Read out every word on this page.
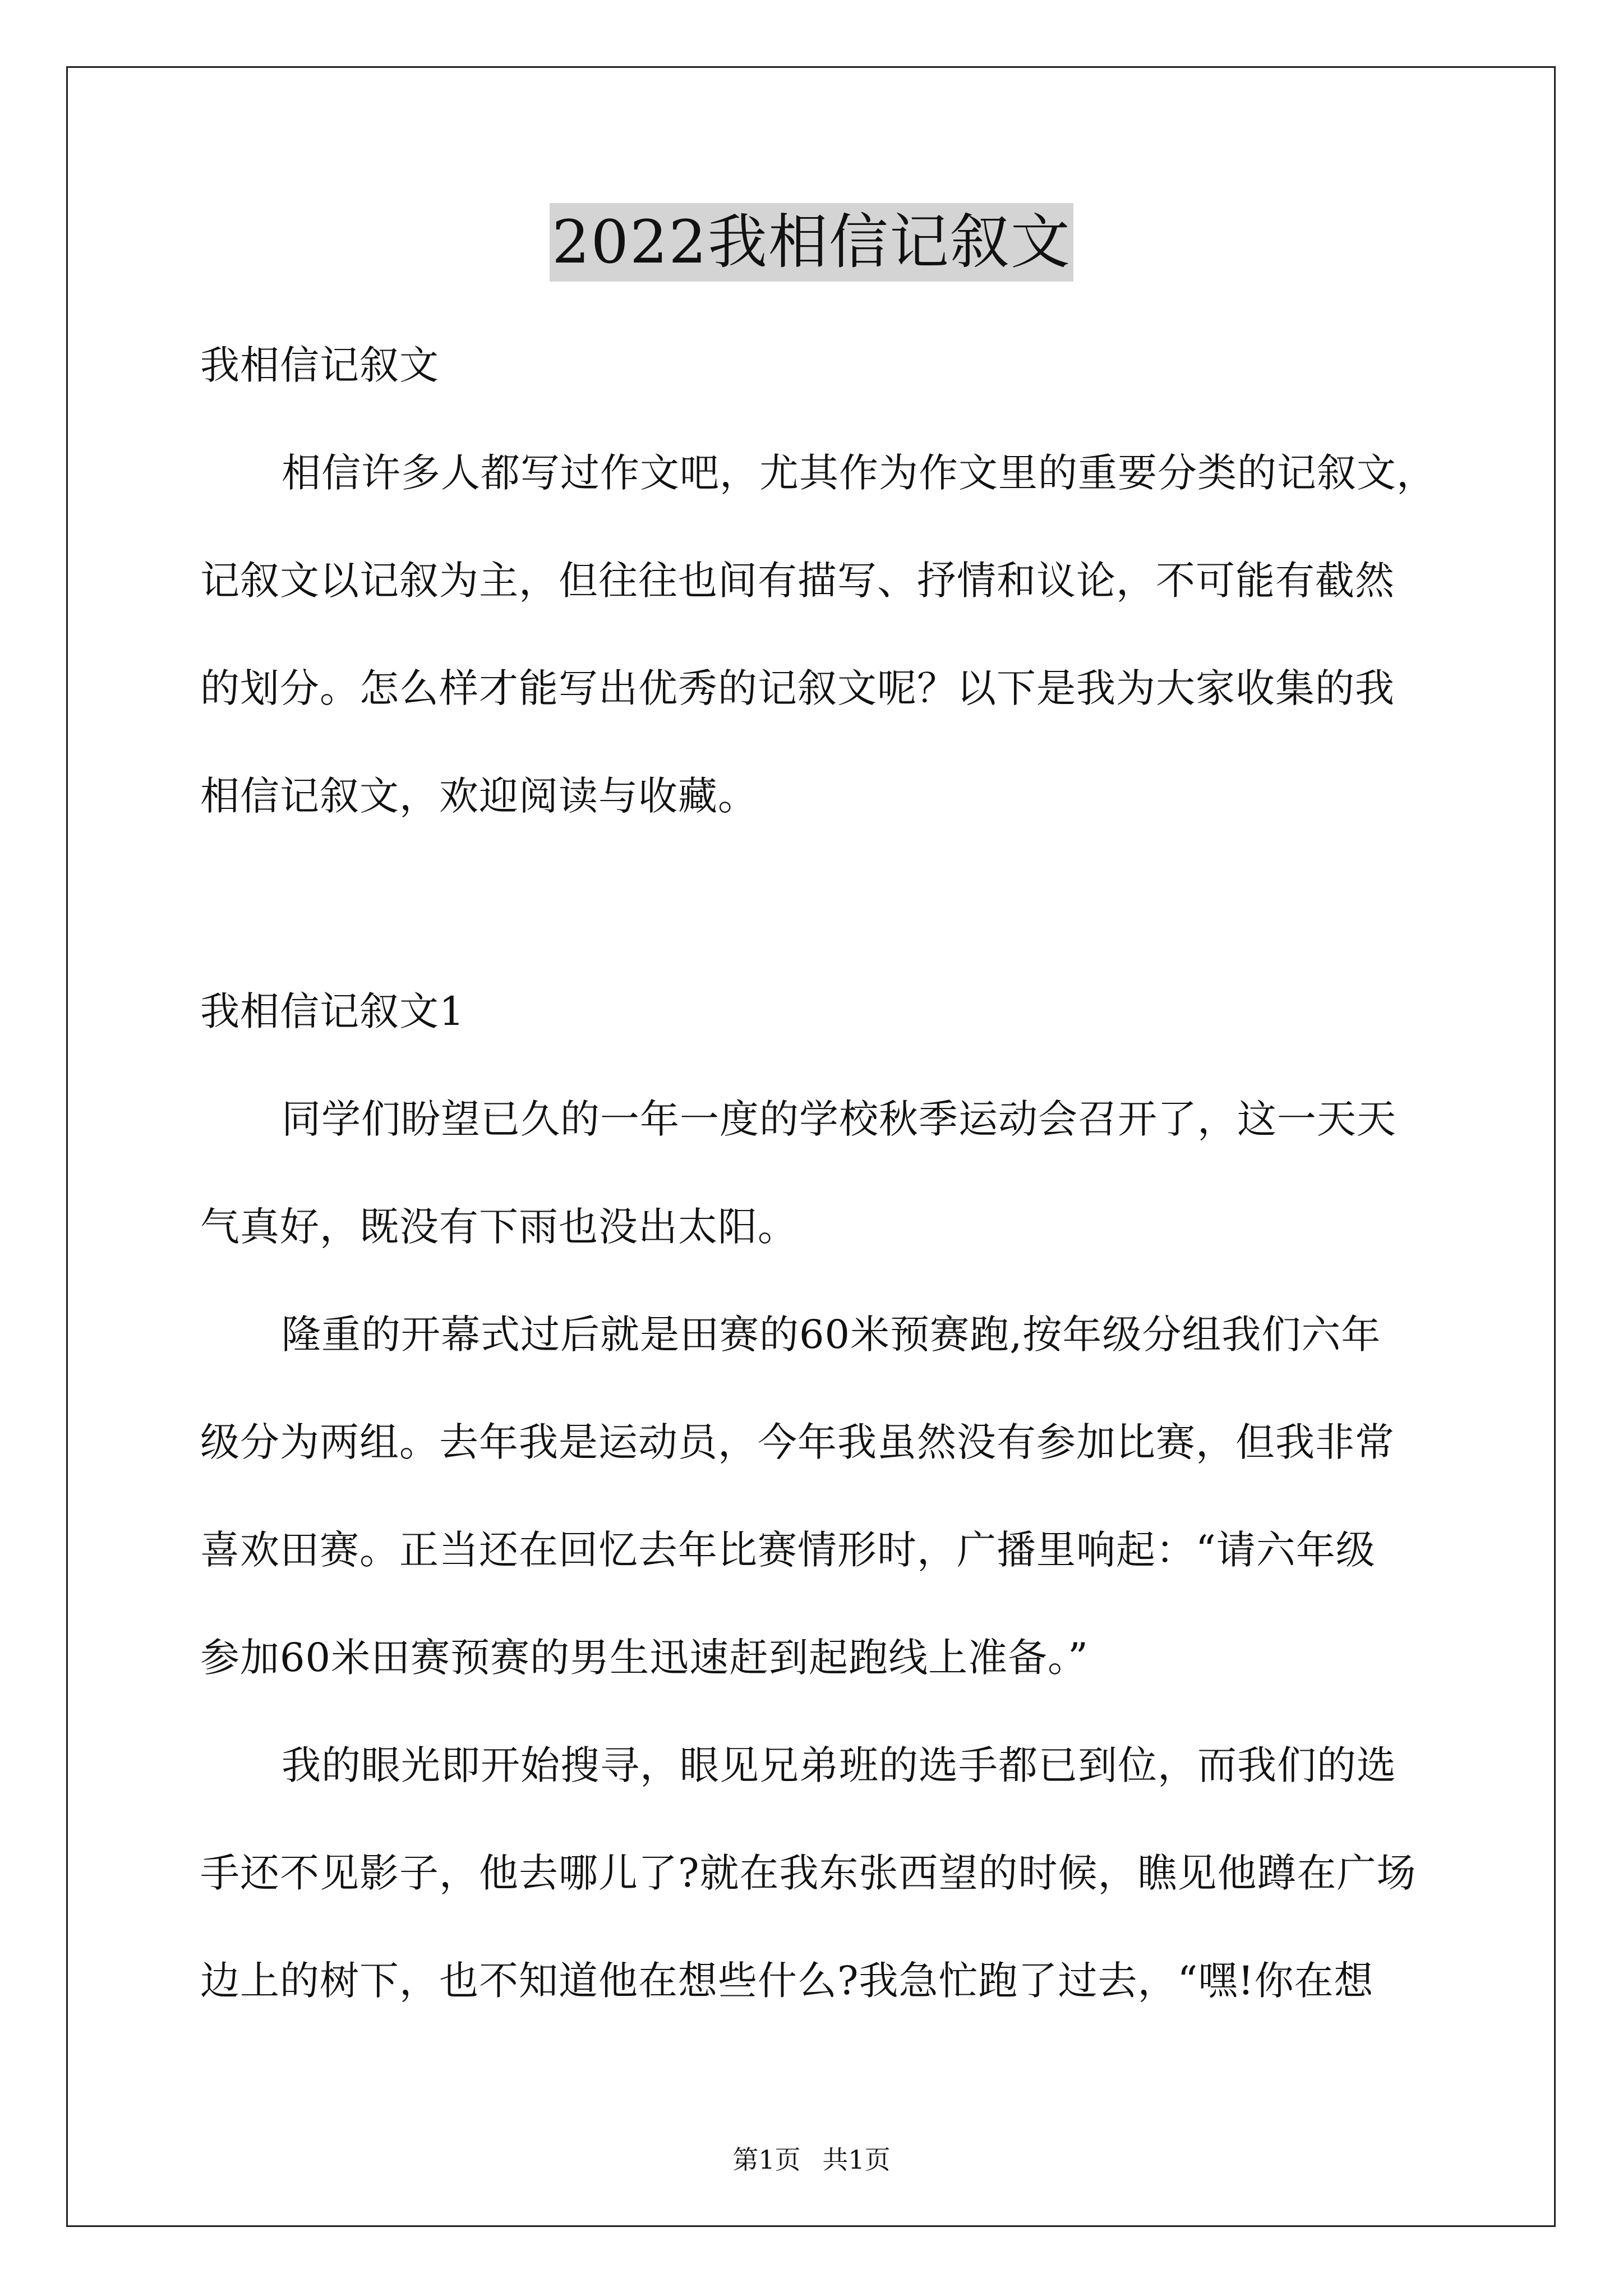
2022我相信记叙文
我相信记叙文
相信许多人都写过作文吧，尤其作为作文里的重要分类的记叙文，
记叙文以记叙为主，但往往也间有描写、抒情和议论，不可能有截然
的划分。怎么样才能写出优秀的记叙文呢？以下是我为大家收集的我
相信记叙文，欢迎阅读与收藏。
我相信记叙文1
同学们盼望已久的一年一度的学校秋季运动会召开了，这一天天
气真好，既没有下雨也没出太阳。
隆重的开幕式过后就是田赛的60米预赛跑,按年级分组我们六年
级分为两组。去年我是运动员，今年我虽然没有参加比赛，但我非常
喜欢田赛。正当还在回忆去年比赛情形时，广播里响起：“请六年级
参加60米田赛预赛的男生迅速赶到起跑线上准备。”
我的眼光即开始搜寻，眼见兄弟班的选手都已到位，而我们的选
手还不见影子，他去哪儿了?就在我东张西望的时候，瞧见他蹲在广场
边上的树下，也不知道他在想些什么?我急忙跑了过去，“嘿!你在想
第1页 共1页
